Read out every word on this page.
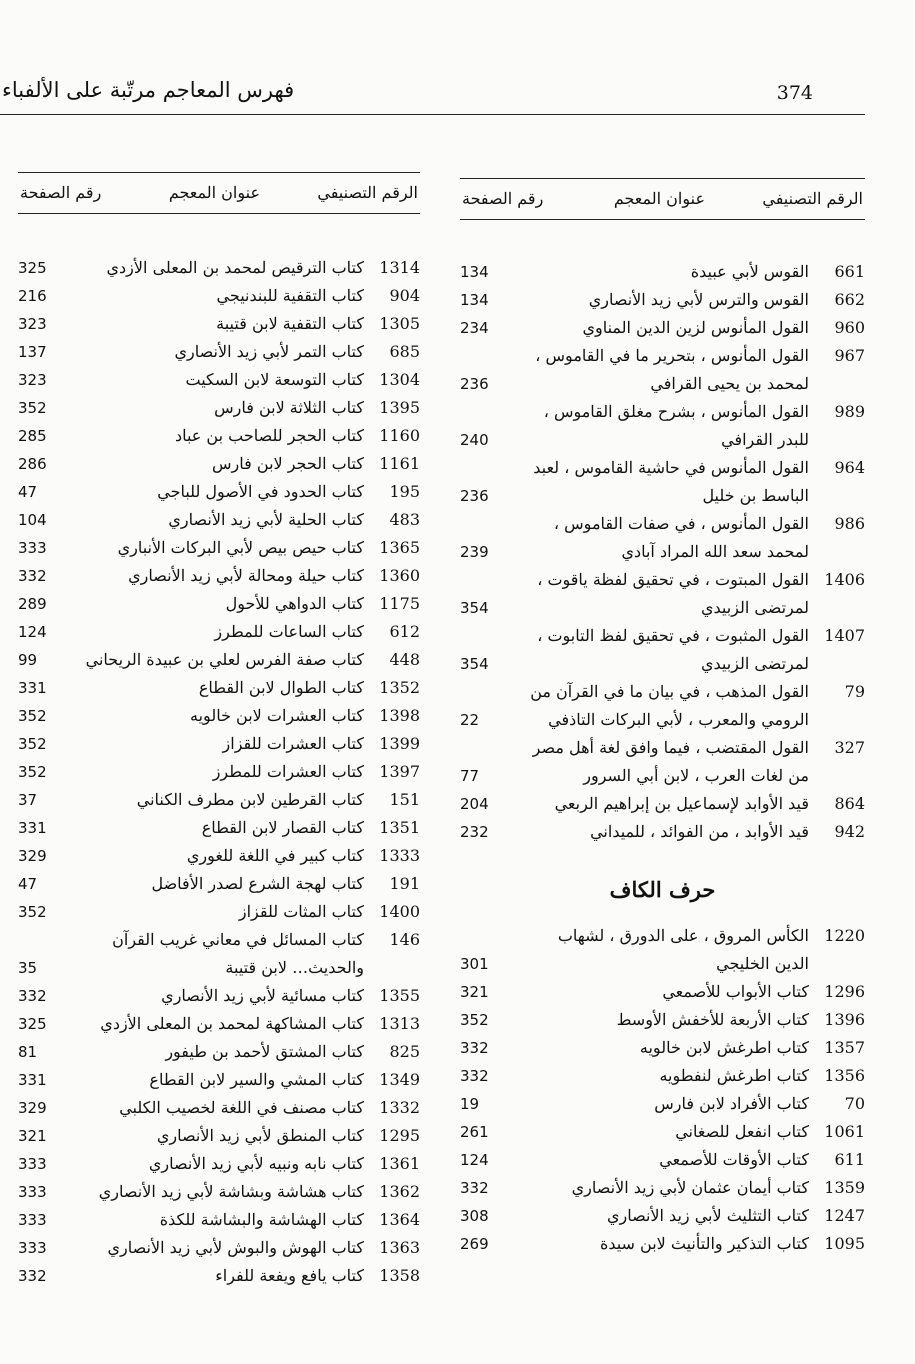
374
فهرس المعاجم مرتّبة على الألفباء
الرقم التصنيفي
عنوان المعجم
رقم الصفحة
1314
كتاب الترقيص لمحمد بن المعلى الأزدي
325
904
كتاب التقفية للبندنيجي
216
1305
كتاب التقفية لابن قتيبة
323
685
كتاب التمر لأبي زيد الأنصاري
137
1304
كتاب التوسعة لابن السكيت
323
1395
كتاب الثلاثة لابن فارس
352
1160
كتاب الحجر للصاحب بن عباد
285
1161
كتاب الحجر لابن فارس
286
195
كتاب الحدود في الأصول للباجي
47
483
كتاب الحلية لأبي زيد الأنصاري
104
1365
كتاب حيص بيص لأبي البركات الأنباري
333
1360
كتاب حيلة ومحالة لأبي زيد الأنصاري
332
1175
كتاب الدواهي للأحول
289
612
كتاب الساعات للمطرز
124
448
كتاب صفة الفرس لعلي بن عبيدة الريحاني
99
1352
كتاب الطوال لابن القطاع
331
1398
كتاب العشرات لابن خالويه
352
1399
كتاب العشرات للقزاز
352
1397
كتاب العشرات للمطرز
352
151
كتاب القرطين لابن مطرف الكناني
37
1351
كتاب القصار لابن القطاع
331
1333
كتاب كبير في اللغة للغوري
329
191
كتاب لهجة الشرع لصدر الأفاضل
47
1400
كتاب المثات للقزاز
352
146
كتاب المسائل في معاني غريب القرآن والحديث… لابن قتيبة
35
1355
كتاب مسائية لأبي زيد الأنصاري
332
1313
كتاب المشاكهة لمحمد بن المعلى الأزدي
325
825
كتاب المشتق لأحمد بن طيفور
81
1349
كتاب المشي والسير لابن القطاع
331
1332
كتاب مصنف في اللغة لخصيب الكلبي
329
1295
كتاب المنطق لأبي زيد الأنصاري
321
1361
كتاب نابه ونبيه لأبي زيد الأنصاري
333
1362
كتاب هشاشة وبشاشة لأبي زيد الأنصاري
333
1364
كتاب الهشاشة والبشاشة للكذة
333
1363
كتاب الهوش والبوش لأبي زيد الأنصاري
333
1358
كتاب يافع ويفعة للفراء
332
الرقم التصنيفي
عنوان المعجم
رقم الصفحة
661
القوس لأبي عبيدة
134
662
القوس والترس لأبي زيد الأنصاري
134
960
القول المأنوس لزين الدين المناوي
234
967
القول المأنوس ، بتحرير ما في القاموس ، لمحمد بن يحيى القرافي
236
989
القول المأنوس ، بشرح مغلق القاموس ، للبدر القرافي
240
964
القول المأنوس في حاشية القاموس ، لعبد الباسط بن خليل
236
986
القول المأنوس ، في صفات القاموس ، لمحمد سعد الله المراد آبادي
239
1406
القول المبتوت ، في تحقيق لفظة ياقوت ، لمرتضى الزبيدي
354
1407
القول المثبوت ، في تحقيق لفظ التابوت ، لمرتضى الزبيدي
354
79
القول المذهب ، في بيان ما في القرآن من الرومي والمعرب ، لأبي البركات التاذفي
22
327
القول المقتضب ، فيما وافق لغة أهل مصر من لغات العرب ، لابن أبي السرور
77
864
قيد الأوابد لإسماعيل بن إبراهيم الربعي
204
942
قيد الأوابد ، من الفوائد ، للميداني
232
حرف الكاف
1220
الكأس المروق ، على الدورق ، لشهاب الدين الخليجي
301
1296
كتاب الأبواب للأصمعي
321
1396
كتاب الأربعة للأخفش الأوسط
352
1357
كتاب اطرغش لابن خالويه
332
1356
كتاب اطرغش لنفطويه
332
70
كتاب الأفراد لابن فارس
19
1061
كتاب انفعل للصغاني
261
611
كتاب الأوقات للأصمعي
124
1359
كتاب أيمان عثمان لأبي زيد الأنصاري
332
1247
كتاب التثليث لأبي زيد الأنصاري
308
1095
كتاب التذكير والتأنيث لابن سيدة
269
